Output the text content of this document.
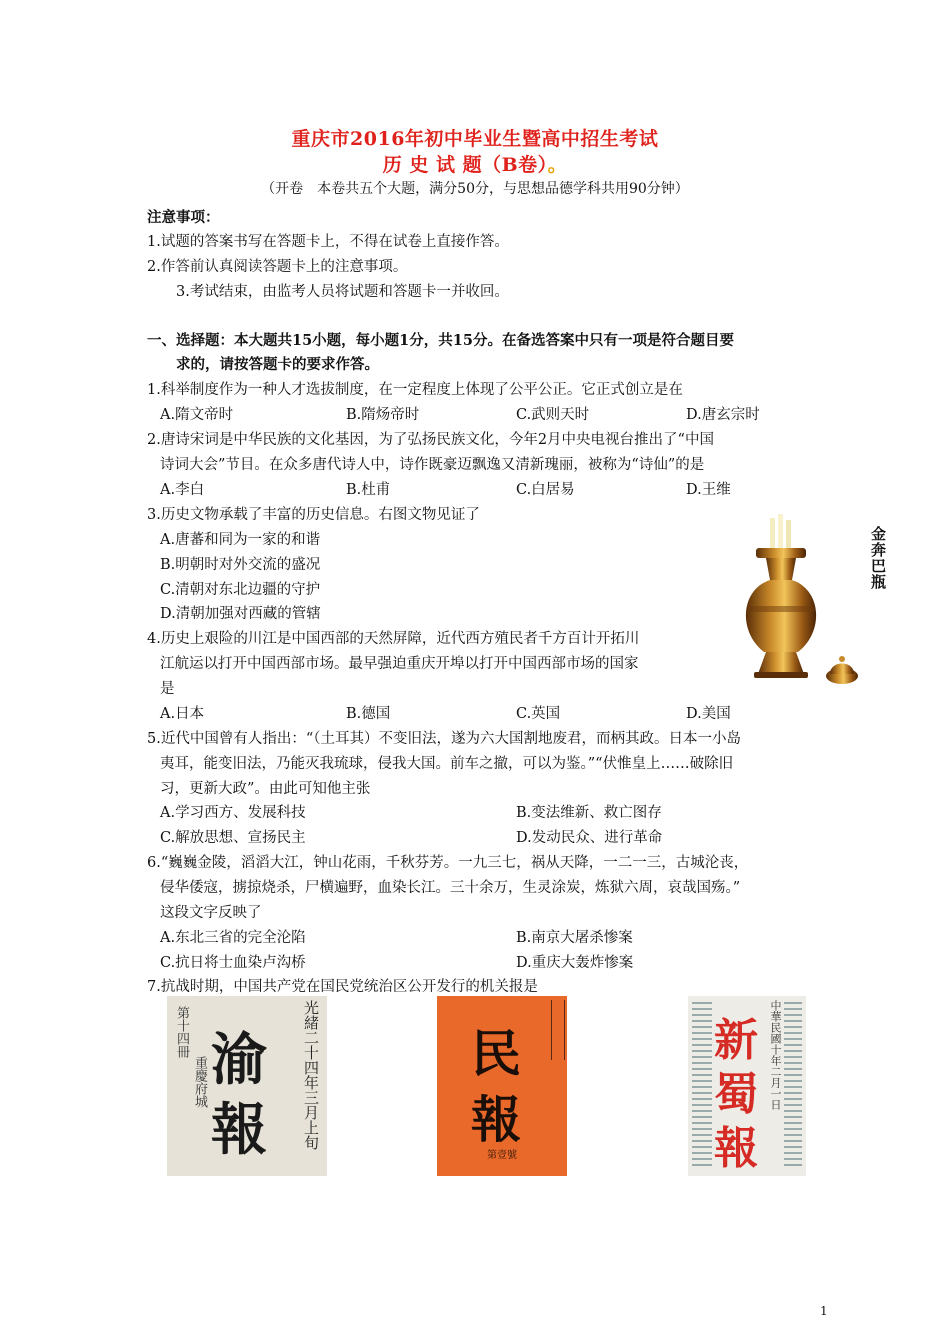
重庆市2016年初中毕业生暨高中招生考试
历 史 试 题（B卷）。
（开卷　本卷共五个大题，满分50分，与思想品德学科共用90分钟）
注意事项：
1.试题的答案书写在答题卡上，不得在试卷上直接作答。
2.作答前认真阅读答题卡上的注意事项。
3.考试结束，由监考人员将试题和答题卡一并收回。
一、选择题：本大题共15小题，每小题1分，共15分。在备选答案中只有一项是符合题目要
求的，请按答题卡的要求作答。
1.科举制度作为一种人才选拔制度，在一定程度上体现了公平公正。它正式创立是在
A.隋文帝时	B.隋炀帝时	C.武则天时	D.唐玄宗时
2.唐诗宋词是中华民族的文化基因，为了弘扬民族文化，今年2月中央电视台推出了“中国
诗词大会”节目。在众多唐代诗人中，诗作既豪迈飘逸又清新瑰丽，被称为“诗仙”的是
A.李白	B.杜甫	C.白居易	D.王维
3.历史文物承载了丰富的历史信息。右图文物见证了
A.唐蕃和同为一家的和谐
B.明朝时对外交流的盛况
C.清朝对东北边疆的守护
D.清朝加强对西藏的管辖
金奔巴瓶
4.历史上艰险的川江是中国西部的天然屏障，近代西方殖民者千方百计开拓川
江航运以打开中国西部市场。最早强迫重庆开埠以打开中国西部市场的国家
是
A.日本	B.德国	C.英国	D.美国
5.近代中国曾有人指出：“（土耳其）不变旧法，遂为六大国割地废君，而柄其政。日本一小岛
夷耳，能变旧法，乃能灭我琉球，侵我大国。前车之撤，可以为鉴。”“伏惟皇上……破除旧
习，更新大政”。由此可知他主张
A.学习西方、发展科技	B.变法维新、救亡图存
C.解放思想、宣扬民主	D.发动民众、进行革命
6.“巍巍金陵，滔滔大江，钟山花雨，千秋芬芳。一九三七，祸从天降，一二一三，古城沦丧，
侵华倭寇，掳掠烧杀，尸横遍野，血染长江。三十余万，生灵涂炭，炼狱六周，哀哉国殇。”
这段文字反映了
A.东北三省的完全沦陷	B.南京大屠杀惨案
C.抗日将士血染卢沟桥	D.重庆大轰炸惨案
7.抗战时期，中国共产党在国民党统治区公开发行的机关报是
第十四冊
重慶府城 渝
報	光緒二十四年三月上旬	民
報
第壹號
中華民國十年二月一日
新
蜀
報
1
